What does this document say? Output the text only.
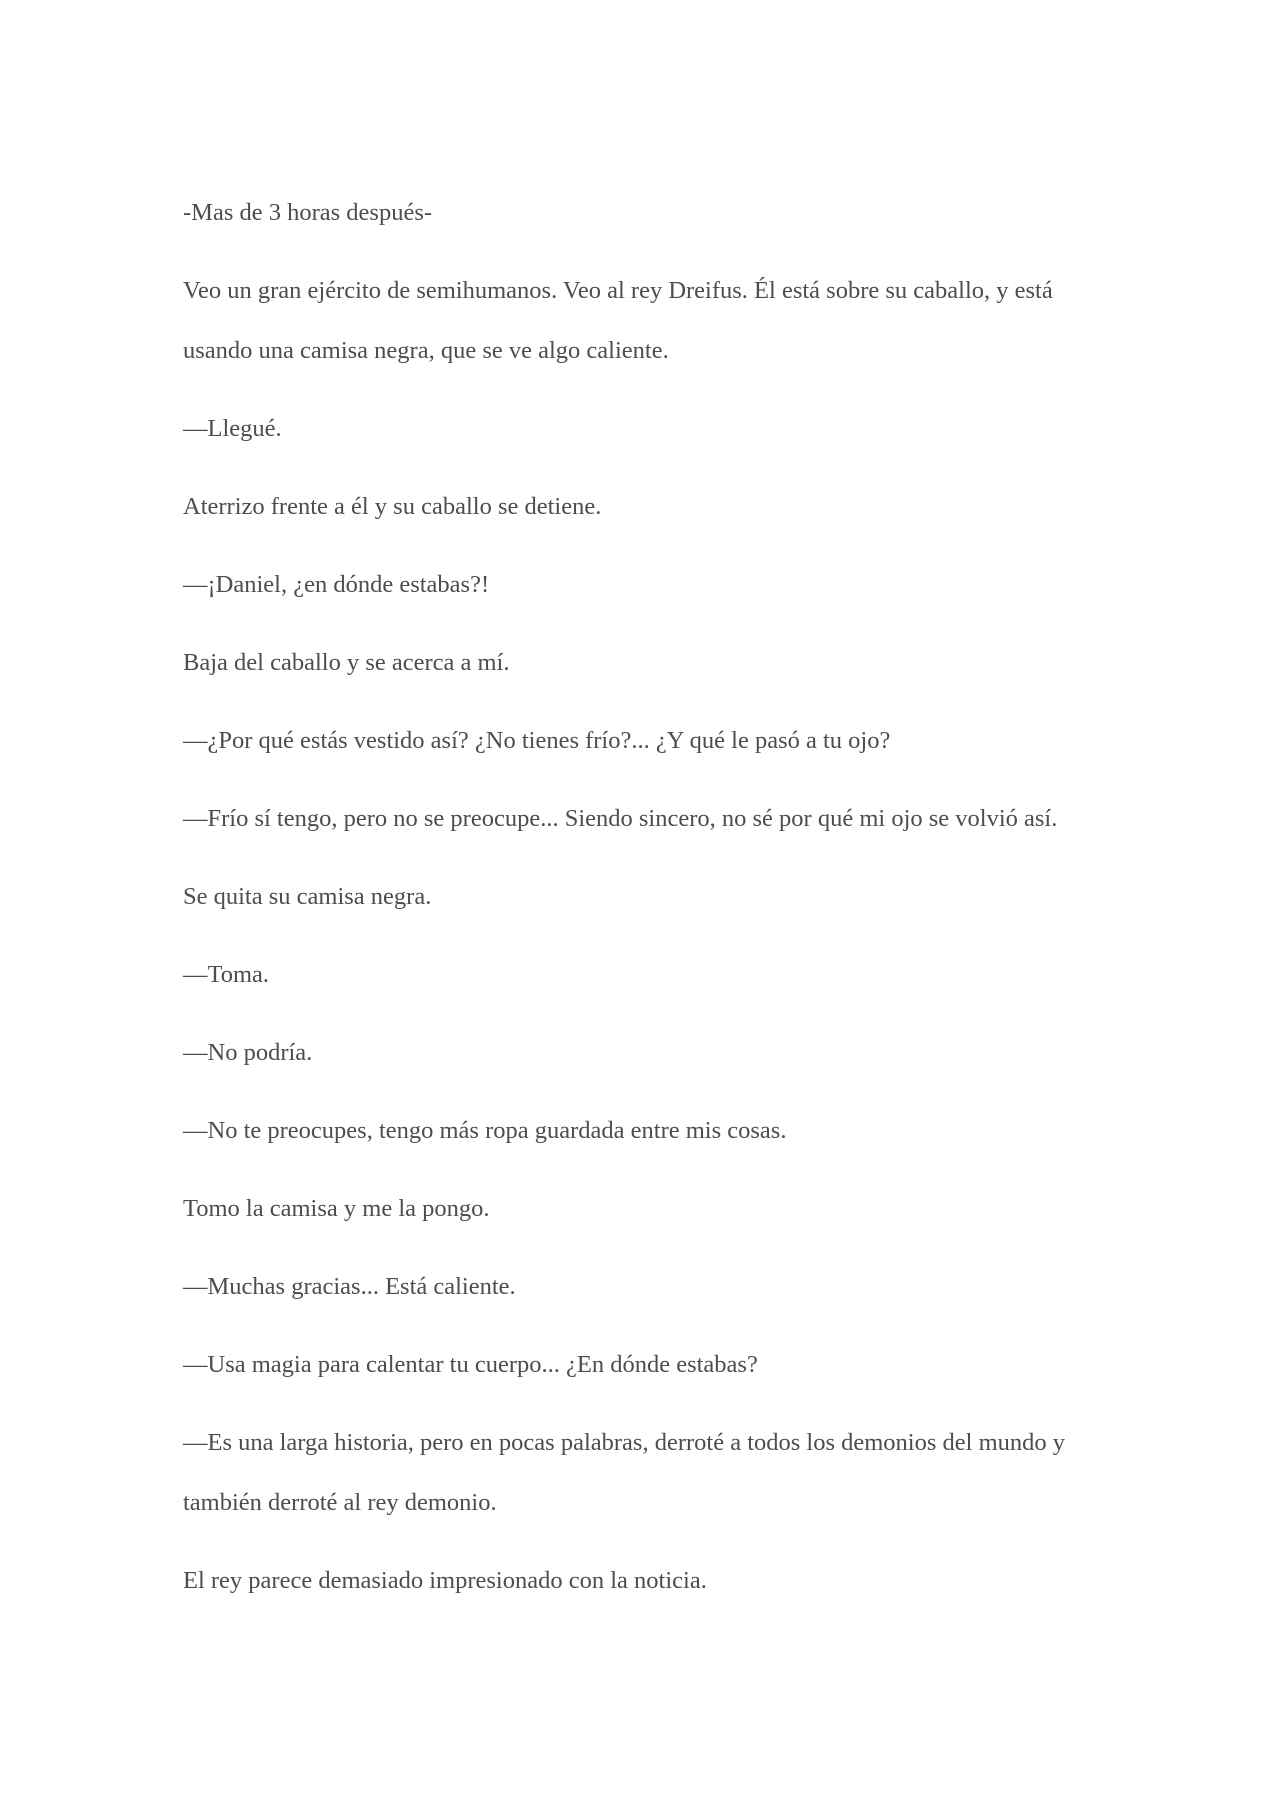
-Mas de 3 horas después-

Veo un gran ejército de semihumanos. Veo al rey Dreifus. Él está sobre su caballo, y está usando una camisa negra, que se ve algo caliente.

—Llegué.

Aterrizo frente a él y su caballo se detiene.

—¡Daniel, ¿en dónde estabas?!

Baja del caballo y se acerca a mí.

—¿Por qué estás vestido así? ¿No tienes frío?... ¿Y qué le pasó a tu ojo?

—Frío sí tengo, pero no se preocupe... Siendo sincero, no sé por qué mi ojo se volvió así.

Se quita su camisa negra.

—Toma.

—No podría.

—No te preocupes, tengo más ropa guardada entre mis cosas.

Tomo la camisa y me la pongo.

—Muchas gracias... Está caliente.

—Usa magia para calentar tu cuerpo... ¿En dónde estabas?

—Es una larga historia, pero en pocas palabras, derroté a todos los demonios del mundo y también derroté al rey demonio.

El rey parece demasiado impresionado con la noticia.
